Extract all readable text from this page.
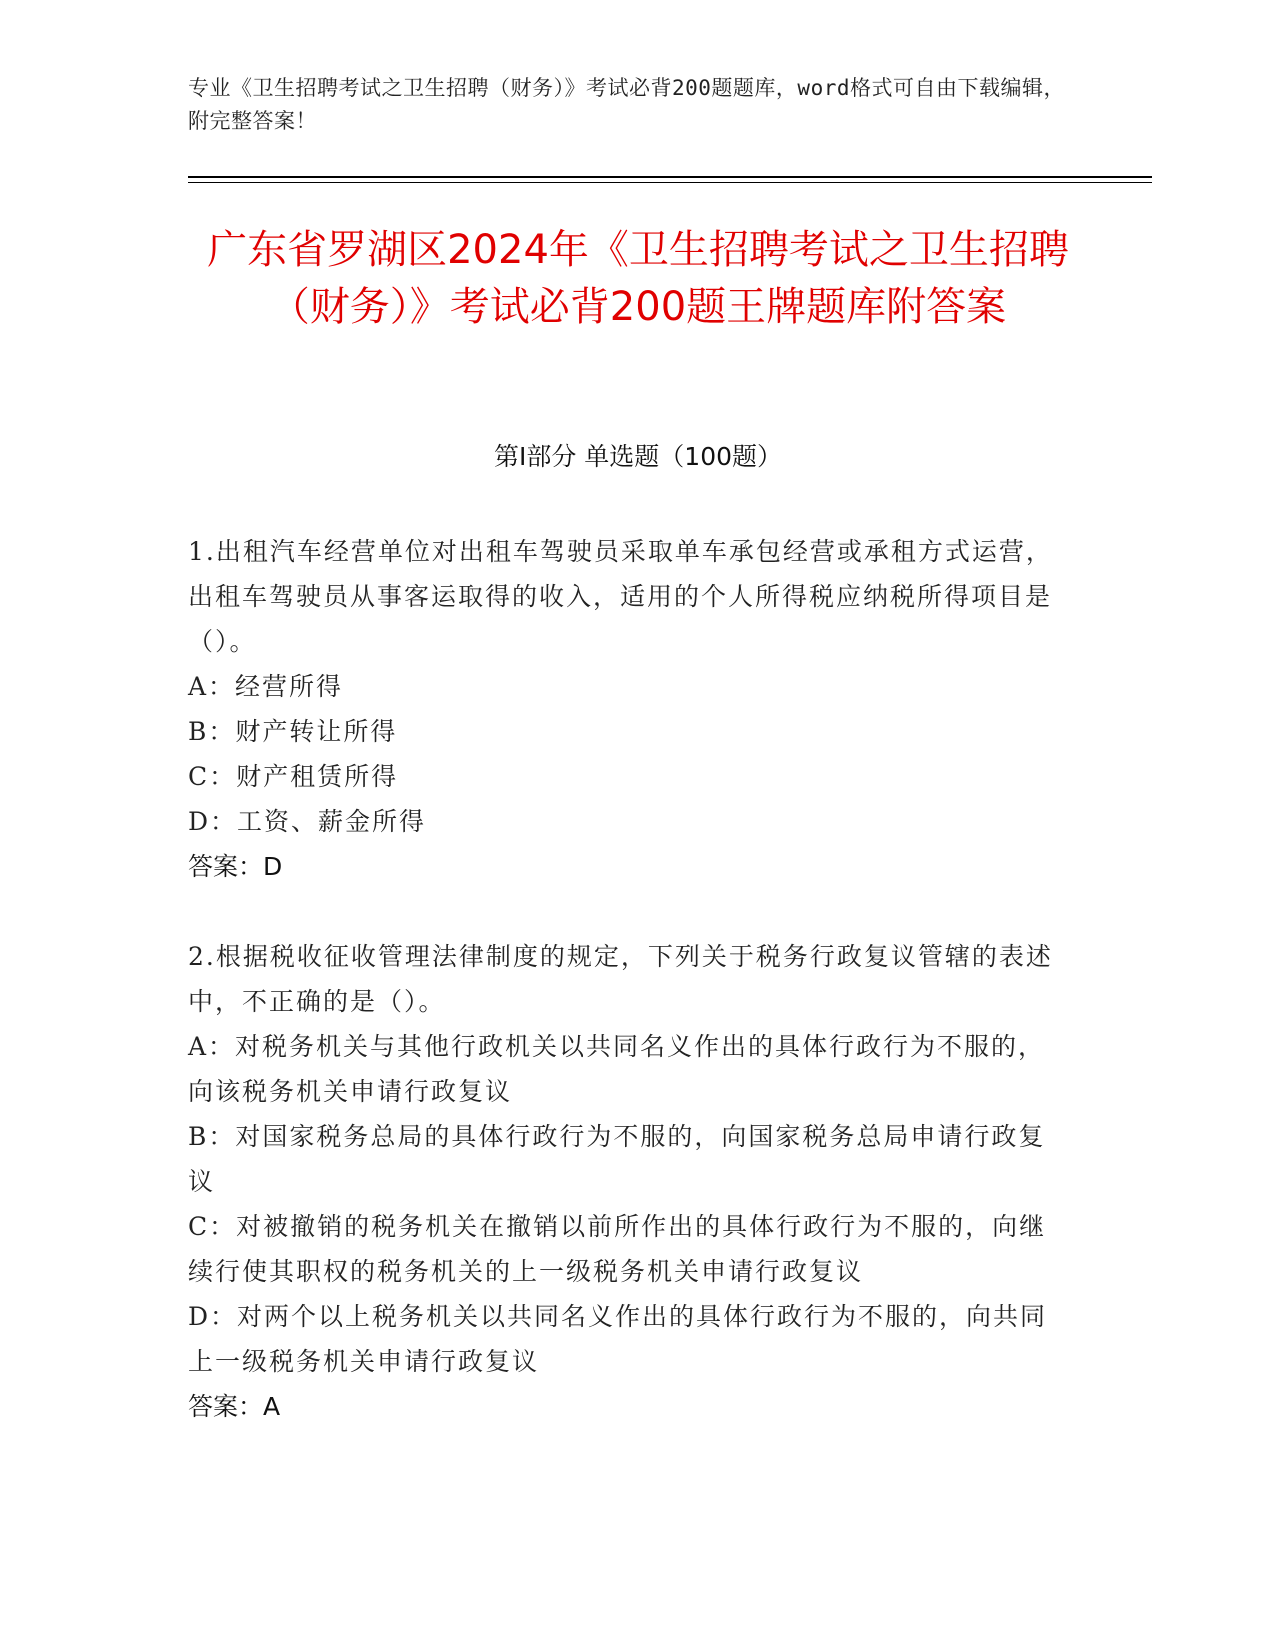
专业《卫生招聘考试之卫生招聘（财务）》考试必背200题题库，word格式可自由下载编辑，附完整答案！
广东省罗湖区2024年《卫生招聘考试之卫生招聘（财务）》考试必背200题王牌题库附答案
第Ⅰ部分 单选题（100题）
1.出租汽车经营单位对出租车驾驶员采取单车承包经营或承租方式运营，出租车驾驶员从事客运取得的收入，适用的个人所得税应纳税所得项目是（）。
A：经营所得
B：财产转让所得
C：财产租赁所得
D：工资、薪金所得
答案：D
2.根据税收征收管理法律制度的规定，下列关于税务行政复议管辖的表述中，不正确的是（）。
A：对税务机关与其他行政机关以共同名义作出的具体行政行为不服的，向该税务机关申请行政复议
B：对国家税务总局的具体行政行为不服的，向国家税务总局申请行政复议
C：对被撤销的税务机关在撤销以前所作出的具体行政行为不服的，向继续行使其职权的税务机关的上一级税务机关申请行政复议
D：对两个以上税务机关以共同名义作出的具体行政行为不服的，向共同上一级税务机关申请行政复议
答案：A
